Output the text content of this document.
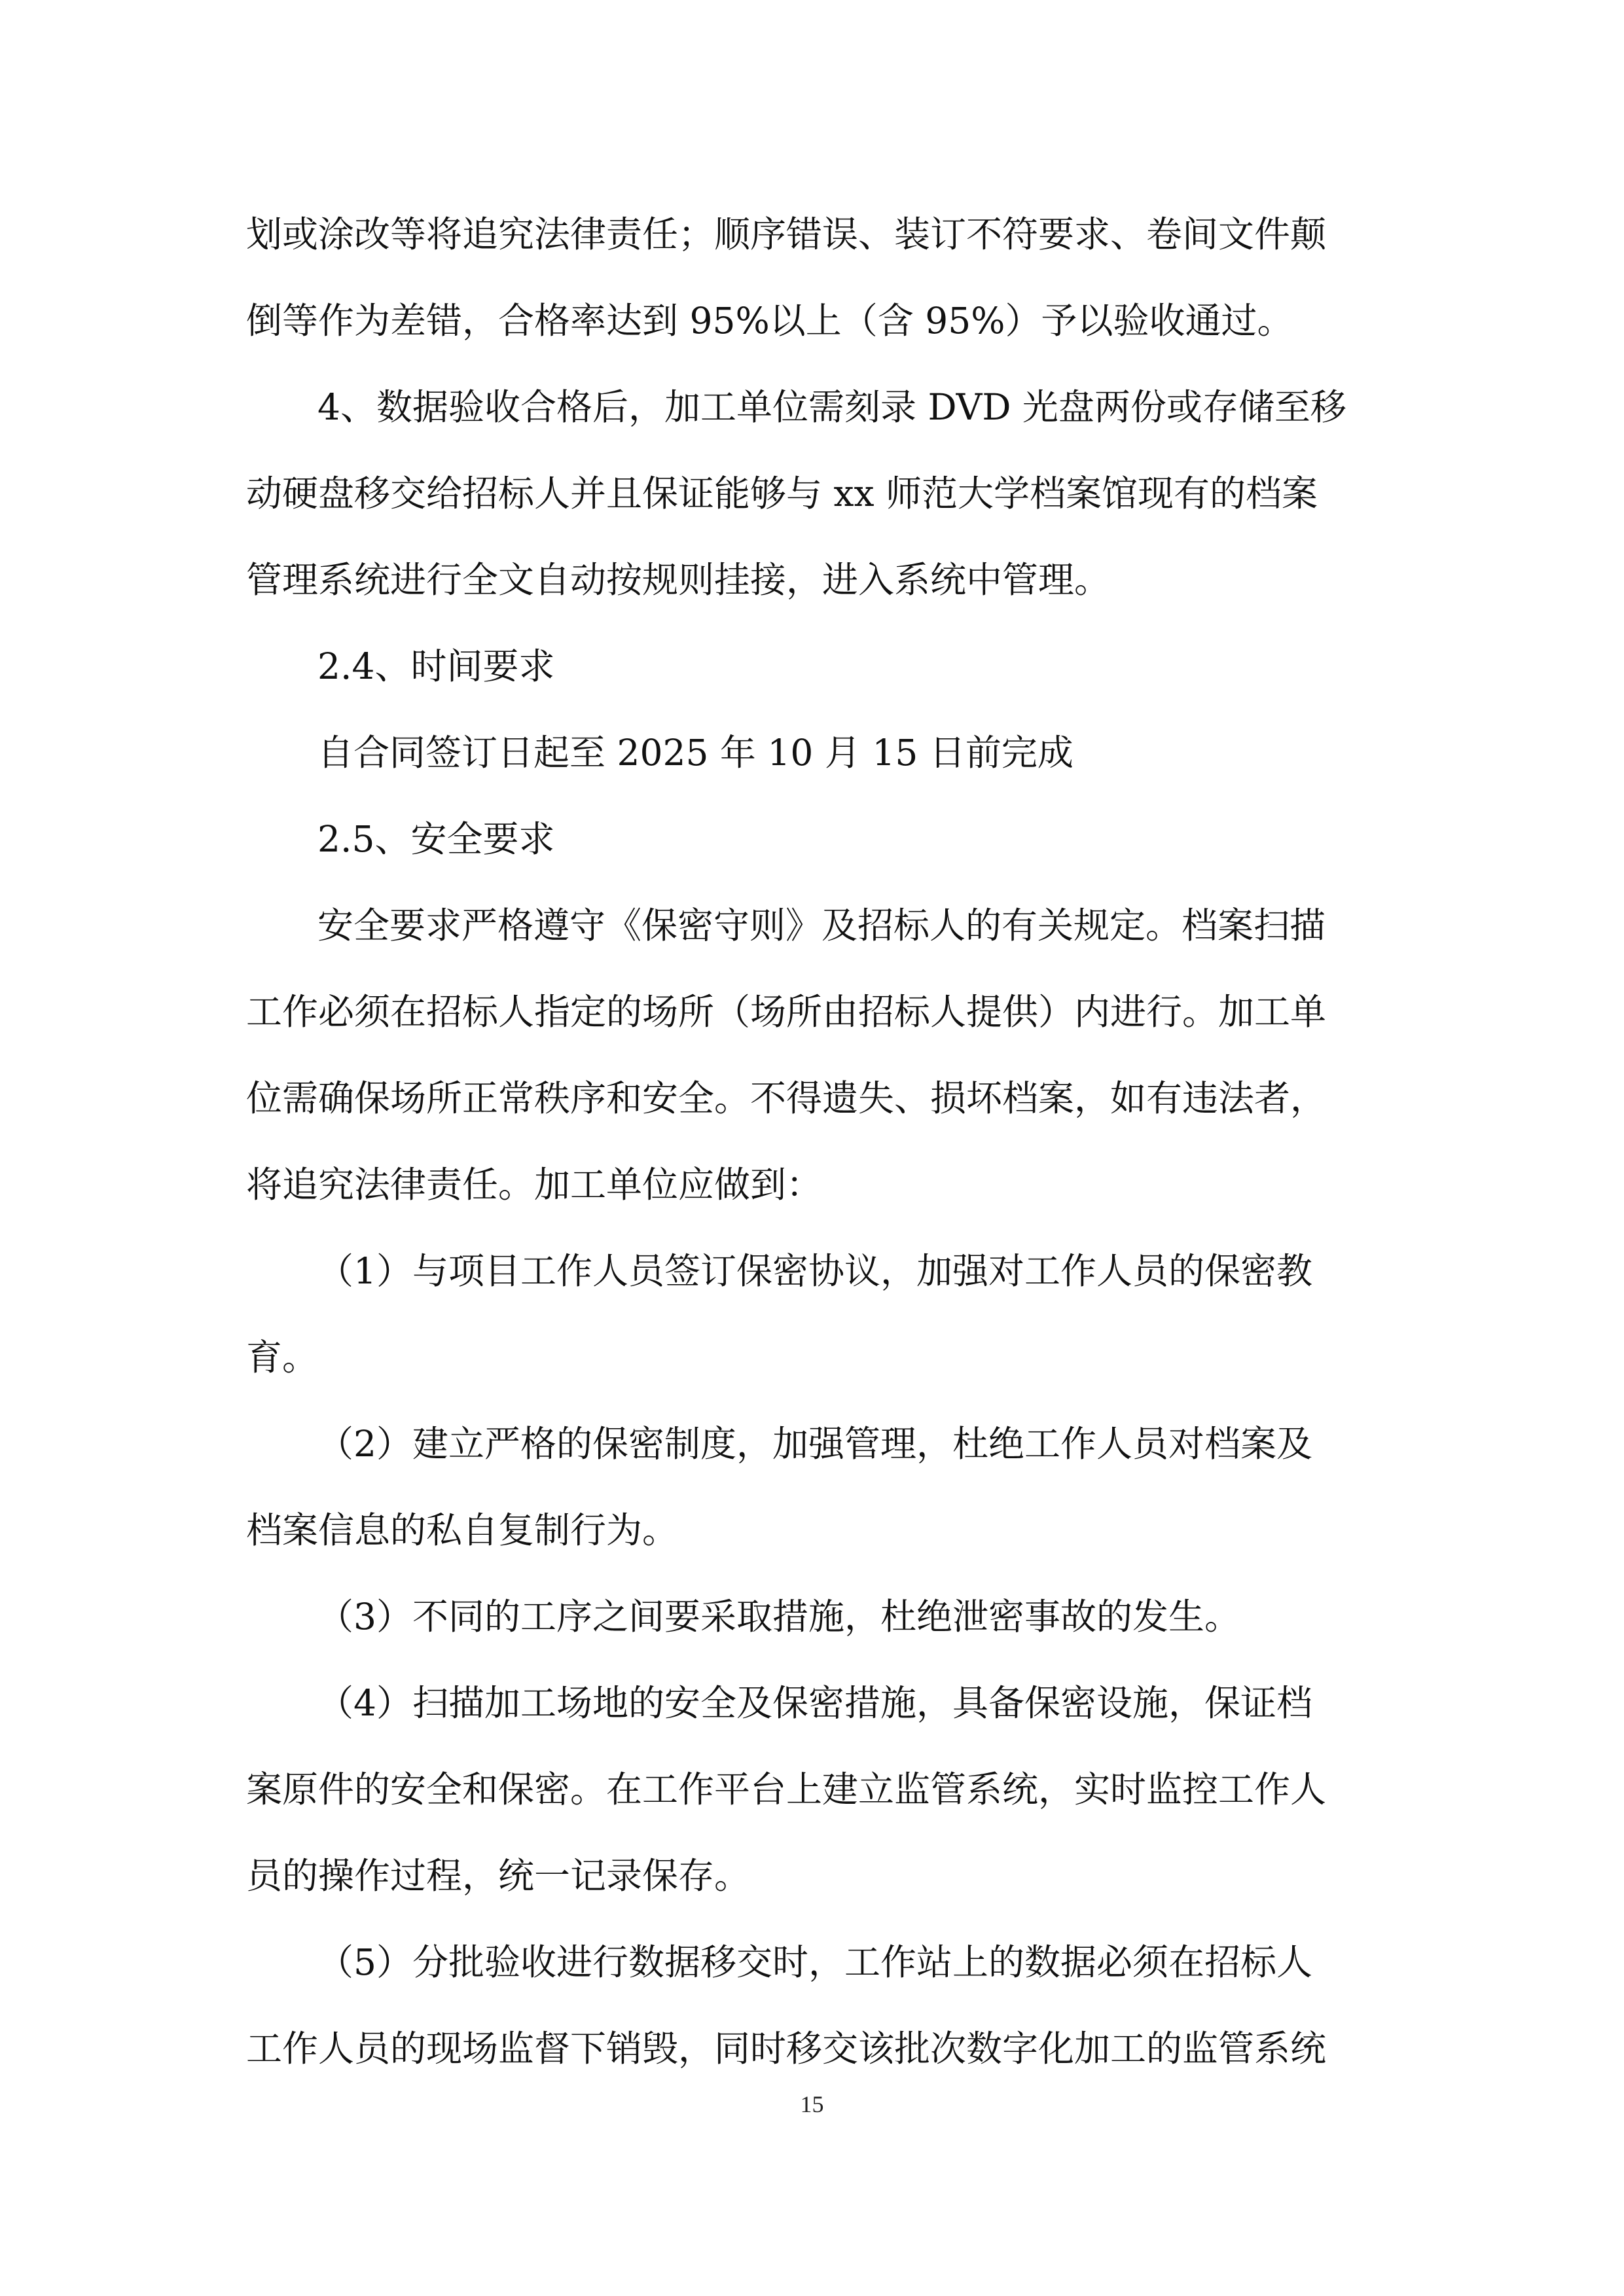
划或涂改等将追究法律责任；顺序错误、装订不符要求、卷间文件颠
倒等作为差错，合格率达到 95%以上（含 95%）予以验收通过。
4、数据验收合格后，加工单位需刻录 DVD 光盘两份或存储至移
动硬盘移交给招标人并且保证能够与 xx 师范大学档案馆现有的档案
管理系统进行全文自动按规则挂接，进入系统中管理。
2.4、时间要求
自合同签订日起至 2025 年 10 月 15 日前完成
2.5、安全要求
安全要求严格遵守《保密守则》及招标人的有关规定。档案扫描
工作必须在招标人指定的场所（场所由招标人提供）内进行。加工单
位需确保场所正常秩序和安全。不得遗失、损坏档案，如有违法者，
将追究法律责任。加工单位应做到：
（1）与项目工作人员签订保密协议，加强对工作人员的保密教
育。
（2）建立严格的保密制度，加强管理，杜绝工作人员对档案及
档案信息的私自复制行为。
（3）不同的工序之间要采取措施，杜绝泄密事故的发生。
（4）扫描加工场地的安全及保密措施，具备保密设施，保证档
案原件的安全和保密。在工作平台上建立监管系统，实时监控工作人
员的操作过程，统一记录保存。
（5）分批验收进行数据移交时，工作站上的数据必须在招标人
工作人员的现场监督下销毁，同时移交该批次数字化加工的监管系统
15
